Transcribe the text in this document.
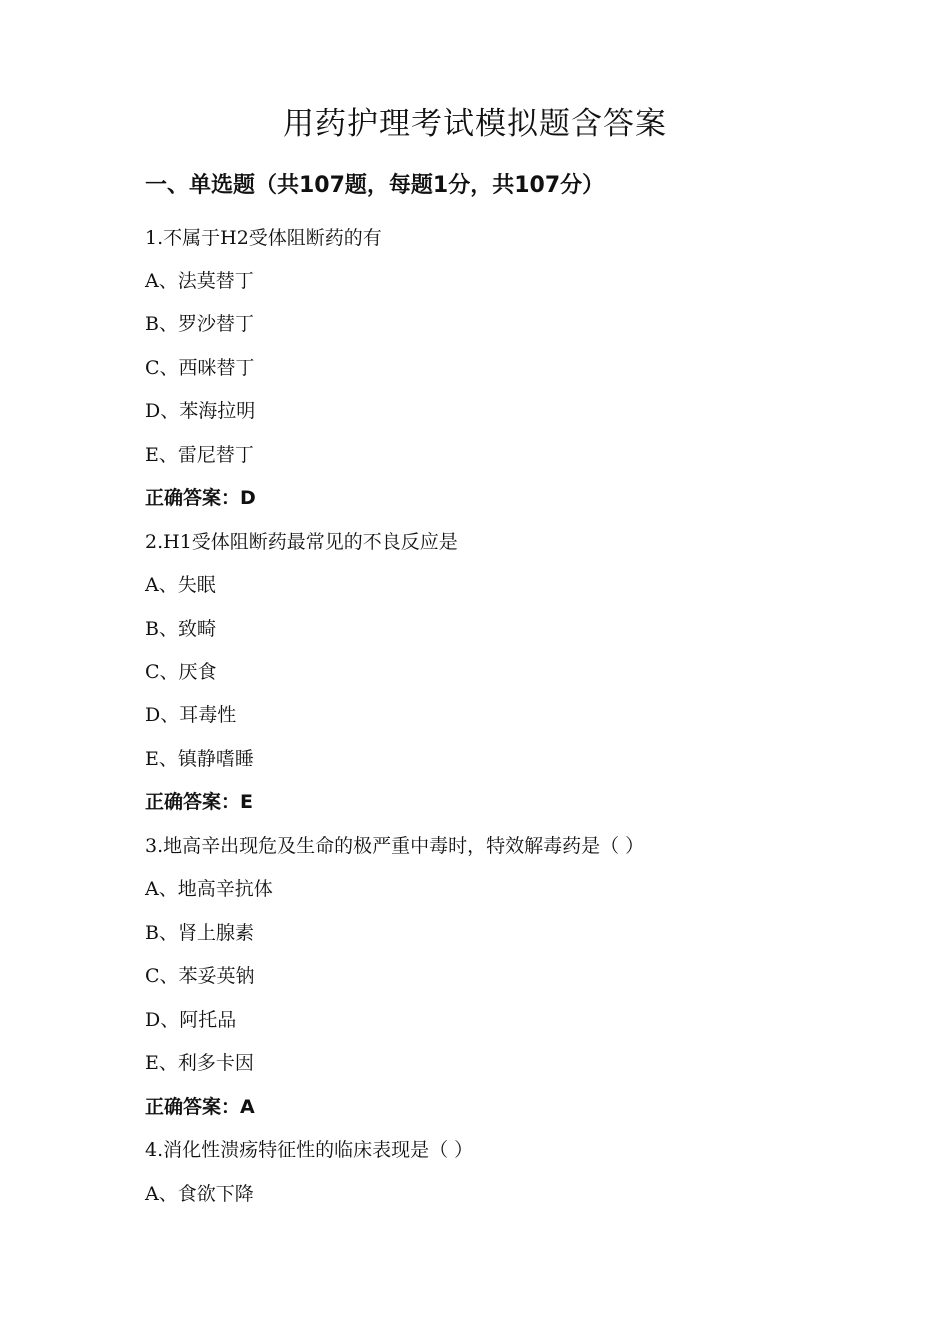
用药护理考试模拟题含答案
一、单选题（共107题，每题1分，共107分）
1.不属于H2受体阻断药的有
A、法莫替丁
B、罗沙替丁
C、西咪替丁
D、苯海拉明
E、雷尼替丁
正确答案：D
2.H1受体阻断药最常见的不良反应是
A、失眠
B、致畸
C、厌食
D、耳毒性
E、镇静嗜睡
正确答案：E
3.地高辛出现危及生命的极严重中毒时，特效解毒药是（ ）
A、地高辛抗体
B、肾上腺素
C、苯妥英钠
D、阿托品
E、利多卡因
正确答案：A
4.消化性溃疡特征性的临床表现是（ ）
A、食欲下降
